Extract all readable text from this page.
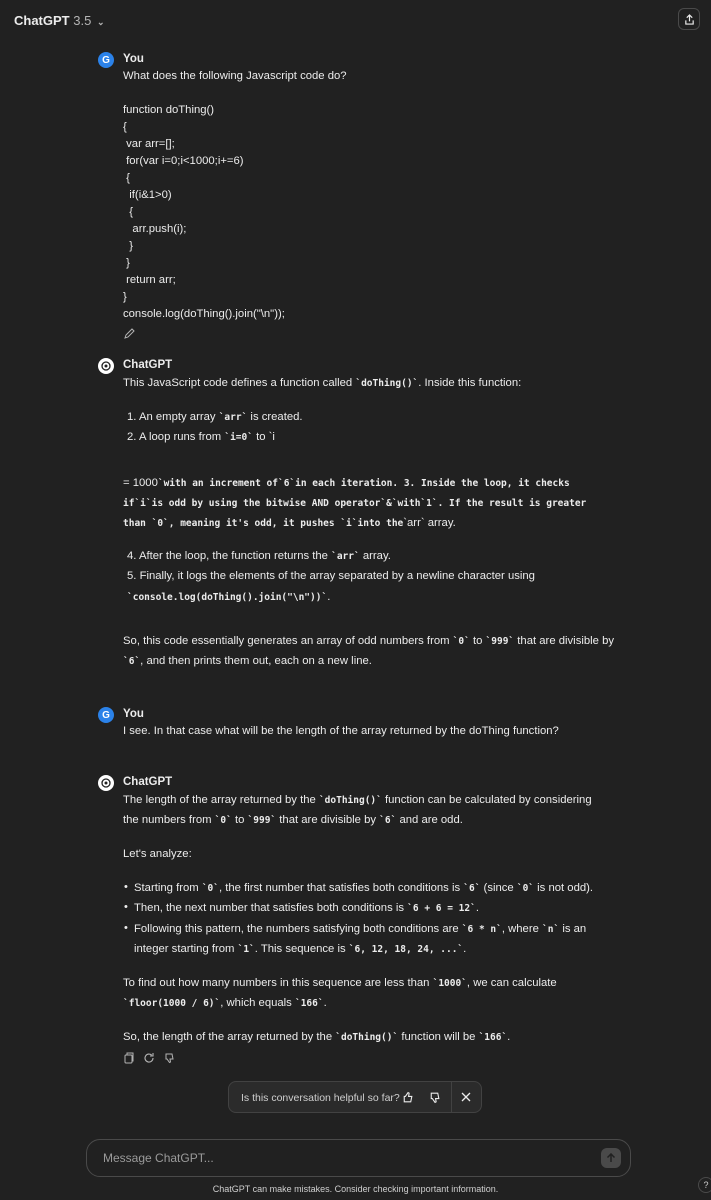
ChatGPT 3.5 ⌄
G	You
What does the following Javascript code do?
function doThing()
{
var arr=[];
for(var i=0;i<1000;i+=6)
{
if(i&1>0)
{
arr.push(i);
}
}
return arr;
}
console.log(doThing().join("\n"));
ChatGPT
This JavaScript code defines a function called `doThing()`. Inside this function:
1. An empty array `arr` is created.
2. A loop runs from `i=0` to `i
= 1000`with an increment of`6`in each iteration. 3. Inside the loop, it checks
if`i`is odd by using the bitwise AND operator`&`with`1`. If the result is greater
than `0`, meaning it's odd, it pushes `i`into the`arr` array.
4. After the loop, the function returns the `arr` array.
5. Finally, it logs the elements of the array separated by a newline character using
`console.log(doThing().join("\n"))`.
So, this code essentially generates an array of odd numbers from `0` to `999` that are divisible by
`6`, and then prints them out, each on a new line.
G	You
I see. In that case what will be the length of the array returned by the doThing function?
ChatGPT
The length of the array returned by the `doThing()` function can be calculated by considering
the numbers from `0` to `999` that are divisible by `6` and are odd.
Let's analyze:
• Starting from `0`, the first number that satisfies both conditions is `6` (since `0` is not odd).
• Then, the next number that satisfies both conditions is `6 + 6 = 12`.
• Following this pattern, the numbers satisfying both conditions are `6 * n`, where `n` is an
integer starting from `1`. This sequence is `6, 12, 18, 24, ...`.
To find out how many numbers in this sequence are less than `1000`, we can calculate
`floor(1000 / 6)`, which equals `166`.
So, the length of the array returned by the `doThing()` function will be `166`.
Is this conversation helpful so far?
Message ChatGPT...
ChatGPT can make mistakes. Consider checking important information.	?
